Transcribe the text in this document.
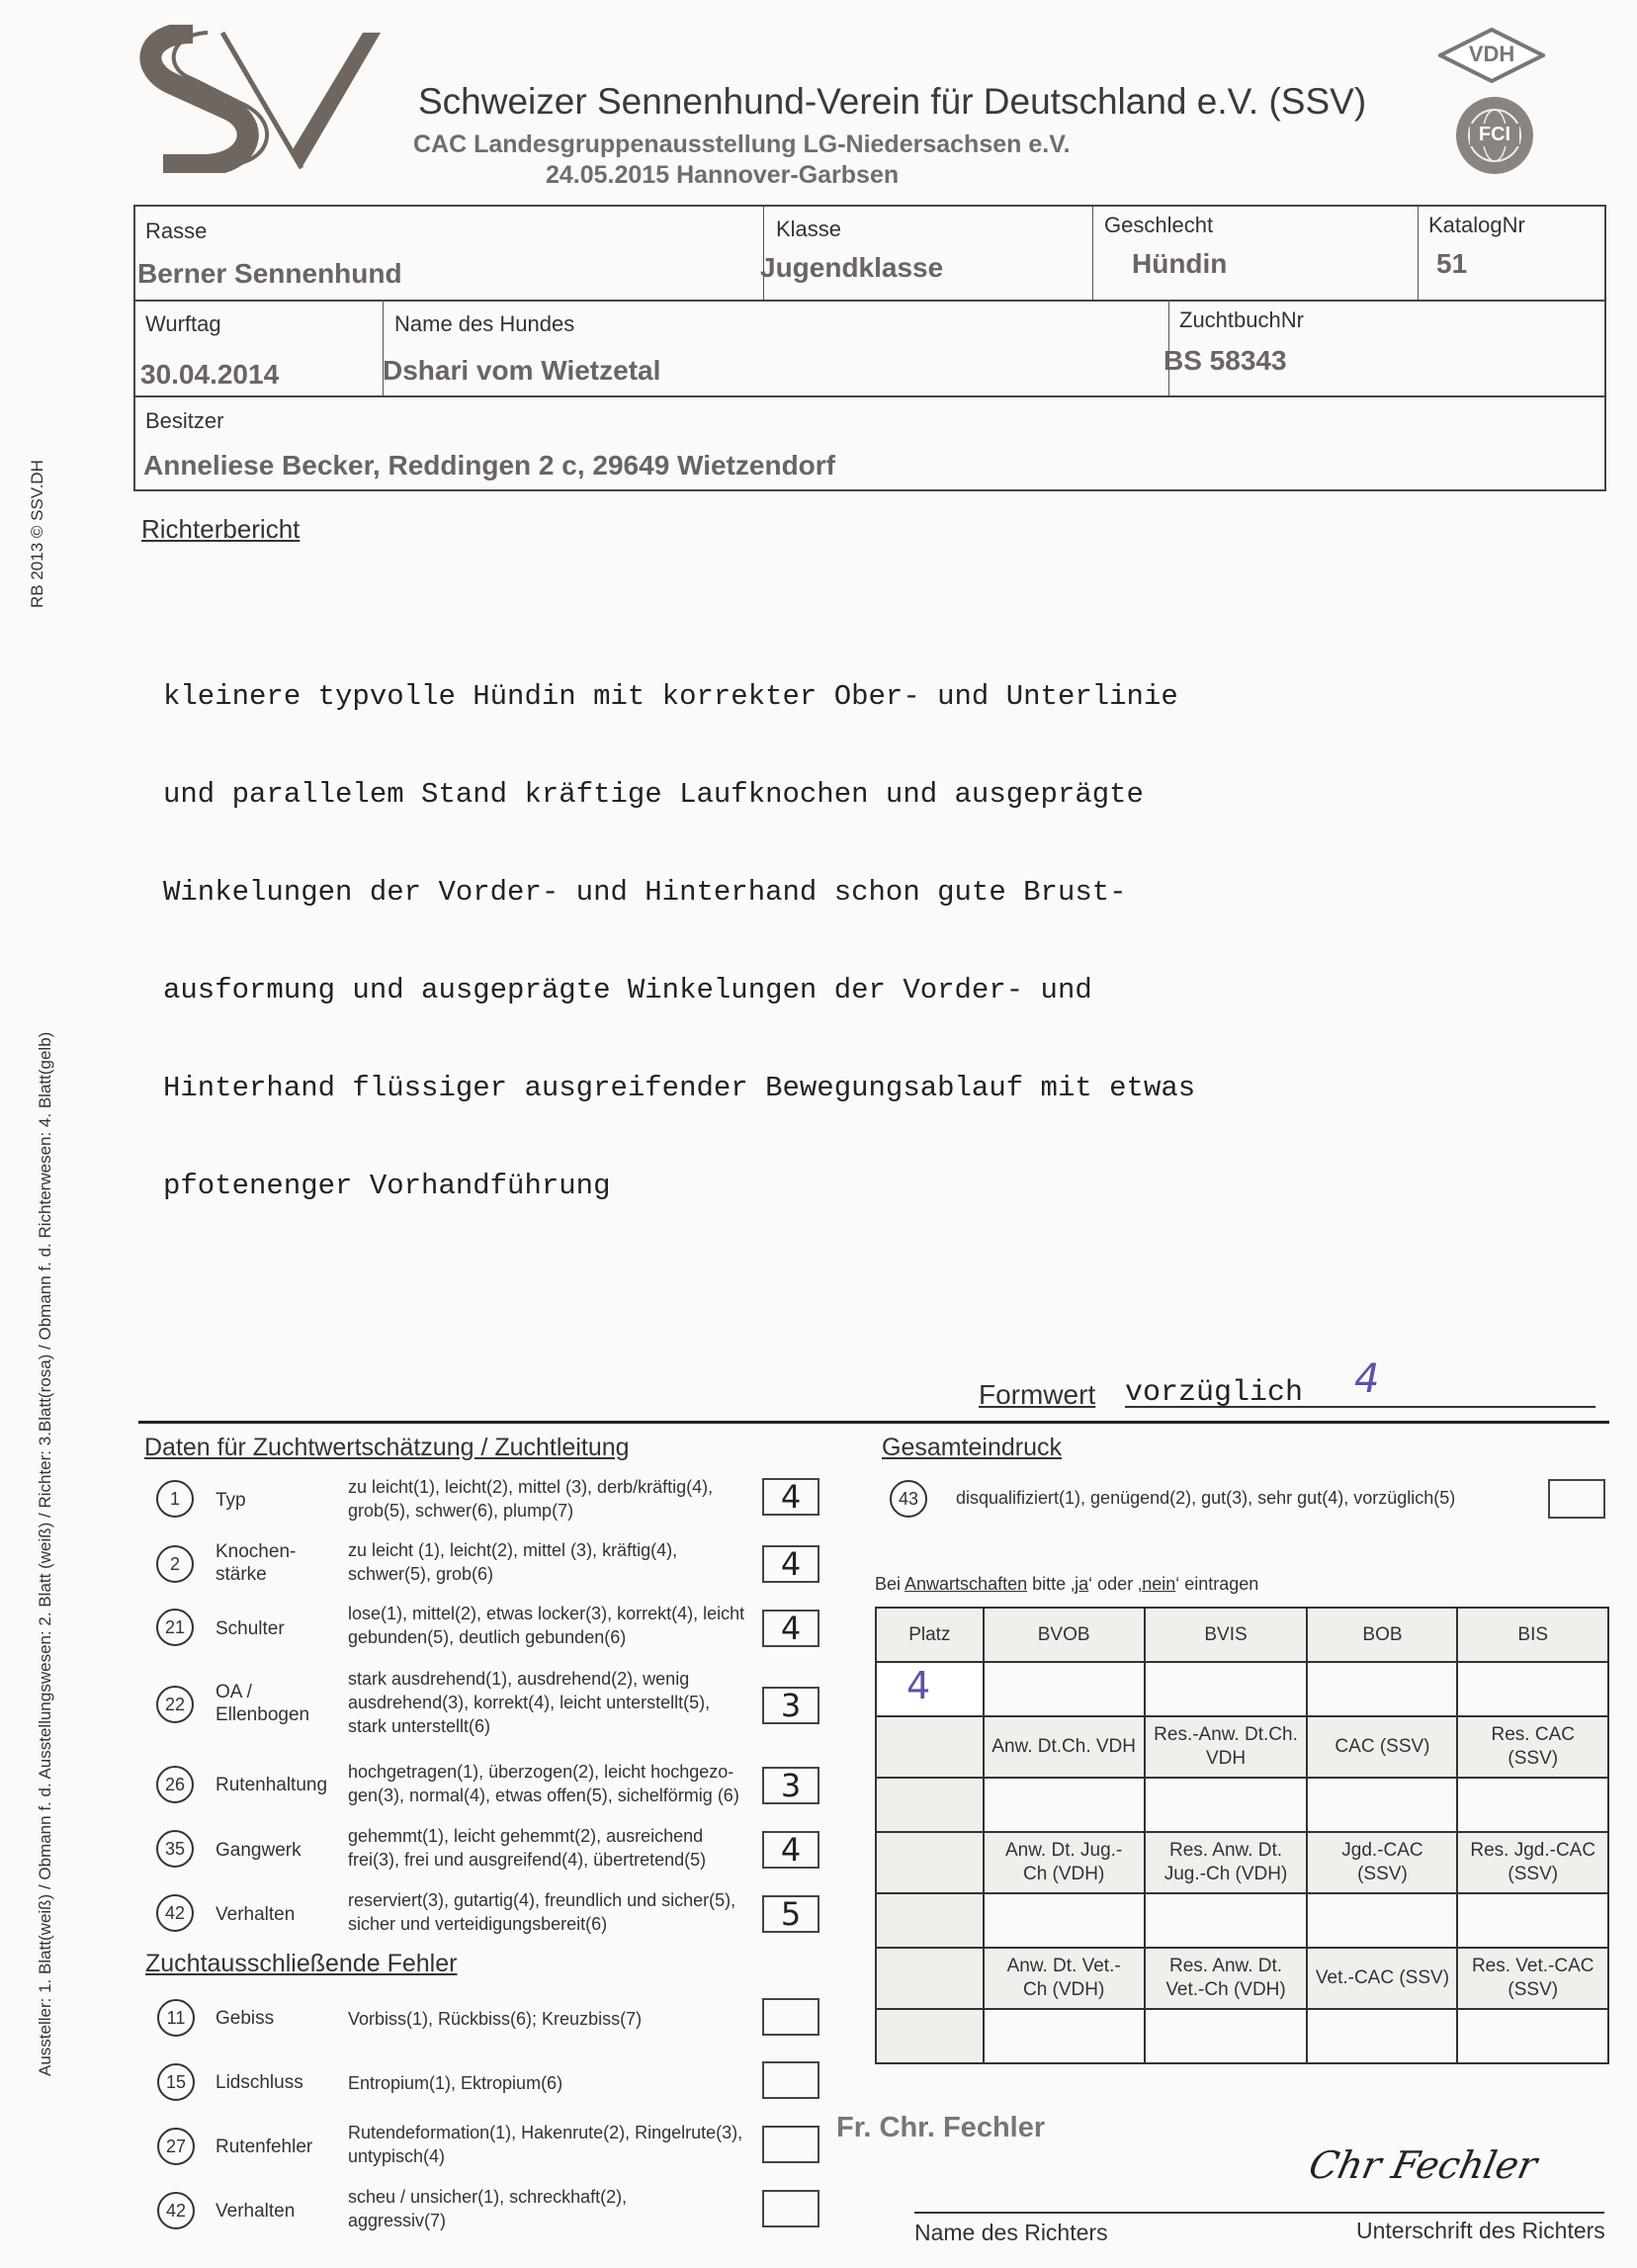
RB 2013 © SSV.DH
Aussteller: 1. Blatt(weiß) / Obmann f. d. Ausstellungswesen: 2. Blatt (weiß) / Richter: 3.Blatt(rosa) / Obmann f. d. Richterwesen: 4. Blatt(gelb)
Schweizer Sennenhund-Verein für Deutschland e.V. (SSV)
CAC Landesgruppenausstellung LG-Niedersachsen e.V.
24.05.2015 Hannover-Garbsen
VDH
FCI
Rasse
Berner Sennenhund
Klasse
Jugendklasse
Geschlecht
Hündin
KatalogNr
51
Wurftag
30.04.2014
Name des Hundes
Dshari vom Wietzetal
ZuchtbuchNr
BS 58343
Besitzer
Anneliese Becker, Reddingen 2 c, 29649 Wietzendorf
Richterbericht

kleinere typvolle Hündin mit korrekter Ober- und Unterlinie

und parallelem Stand kräftige Laufknochen und ausgeprägte

Winkelungen der Vorder- und Hinterhand schon gute Brust-

ausformung und ausgeprägte Winkelungen der Vorder- und

Hinterhand flüssiger ausgreifender Bewegungsablauf mit etwas

pfotenenger Vorhandführung

Formwert vorzüglich 4
Daten für Zuchtwertschätzung / Zuchtleitung
1	Typ
zu leicht(1), leicht(2), mittel (3), derb/kräftig(4), grob(5), schwer(6), plump(7)	4
2
Knochen-
stärke
zu leicht (1), leicht(2), mittel (3), kräftig(4), schwer(5), grob(6)	4
21	Schulter
lose(1), mittel(2), etwas locker(3), korrekt(4), leicht gebunden(5), deutlich gebunden(6)	4
22
OA /
Ellenbogen
stark ausdrehend(1), ausdrehend(2), wenig ausdrehend(3), korrekt(4), leicht unterstellt(5), stark unterstellt(6)
3
26	Rutenhaltung
hochgetragen(1), überzogen(2), leicht hochgezo-gen(3), normal(4), etwas offen(5), sichelförmig (6)	3
35	Gangwerk
gehemmt(1), leicht gehemmt(2), ausreichend frei(3), frei und ausgreifend(4), übertretend(5)	4
42	Verhalten
reserviert(3), gutartig(4), freundlich und sicher(5), sicher und verteidigungsbereit(6)	5
Zuchtausschließende Fehler
11	Gebiss	Vorbiss(1), Rückbiss(6); Kreuzbiss(7)
15	Lidschluss	Entropium(1), Ektropium(6)
27	Rutenfehler
Rutendeformation(1), Hakenrute(2), Ringelrute(3), untypisch(4)
42	Verhalten
scheu / unsicher(1), schreckhaft(2), aggressiv(7)
Gesamteindruck
43	disqualifiziert(1), genügend(2), gut(3), sehr gut(4), vorzüglich(5)
Bei Anwartschaften bitte ‚ja‘ oder ‚nein‘ eintragen
Platz	BVOB	BVIS	BOB	BIS
4				
	Anw. Dt.Ch. VDH	Res.-Anw. Dt.Ch. VDH	CAC (SSV)	Res. CAC (SSV)

	Anw. Dt. Jug.-Ch (VDH)	Res. Anw. Dt. Jug.-Ch (VDH)	Jgd.-CAC (SSV)	Res. Jgd.-CAC (SSV)

	Anw. Dt. Vet.-Ch (VDH)	Res. Anw. Dt. Vet.-Ch (VDH)	Vet.-CAC (SSV)	Res. Vet.-CAC (SSV)

Fr. Chr. Fechler
Chr Fechler
Name des Richters	Unterschrift des Richters
